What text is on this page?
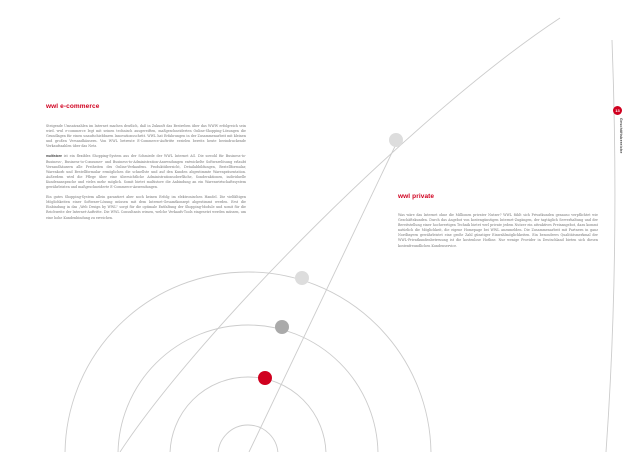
wwl e-commerce

Steigende Umsatzzahlen im Internet machen deutlich, daß in Zukunft das Bestreben über das WWW erfolgreich sein wird. wwl e-commerce legt mit seinen technisch ausgereiften, maßgeschneiderten Online-Shopping-Lösungen die Grundlagen für einen unaufschiebbaren Innovationsschritt. WWL hat Erfahrungen in der Zusammenarbeit mit kleinen und großen Versandhäusern. Von WWL betreute E-Commerce-Auftritte erzielen bereits heute beeindruckende Verkaufszahlen über das Netz.

multistore ist ein flexibles Shopping-System aus der Schmiede der WWL Internet AG. Die sowohl für Business-to-Business-, Business-to-Consumer- und Business-to-Administration-Anwendungen entwickelte Softwarelösung erlaubt Versandhäusern alle Freiheiten des Online-Verkaufens. Produktübersicht, Detailabbildungen, Bestellformular, Warenkorb und Bestellformular ermöglichen die schnellste und auf den Kunden abgestimmte Warenpräsentation. Außerdem wird die Pflege über eine übersichtliche Administrationsoberfläche, Sonderaktionen, individuelle Kundenansprache und vieles mehr möglich. Somit bietet multistore die Anbindung an ein Warenwirtschaftssystem gewährleisten und maßgeschneiderte E-Commerce-Anwendungen.

Ein gutes Shopping-System allein garantiert aber noch keinen Erfolg im elektronischen Handel. Die vielfältigen Möglichkeiten einer Software-Lösung müssen mit dem Internet-Gesamtkonzept abgestimmt werden. Erst die Einbindung in das „Web Design by WWL" sorgt für die optimale Entfaltung der Shopping-Module und somit für die Reichweite der Internet-Auftritte. Die WWL Consultants wissen, welche Verkaufs-Tools eingesetzt werden müssen, um eine hohe Kundenbindung zu erreichen.

wwl private

Was wäre das Internet ohne die Millionen privater Nutzer? WWL fühlt sich Privatkunden genauso verpflichtet wie Geschäftskunden. Durch das Angebot von kostengünstigen Internet-Zugängen, der tagtäglich Serverhaltung und der Bereitstellung einer hochwertigen Technik bietet wwl private jedem Nutzer ein attraktives Preisangebot, dazu kommt natürlich die Möglichkeit, die eigene Homepage bei WWL anzumelden. Die Zusammenarbeit mit Partnern in ganz Nordbayern gewährleistet eine große Zahl günstiger Einwahlmöglichkeiten. Ein besonderes Qualitätsmerkmal der WWL-Privatkundenbetreuung ist die kostenlose Hotline. Nur wenige Provider in Deutschland bieten sich diesen kostenfreundlichen Kundenservice.

13
Geschäftsbereiche
